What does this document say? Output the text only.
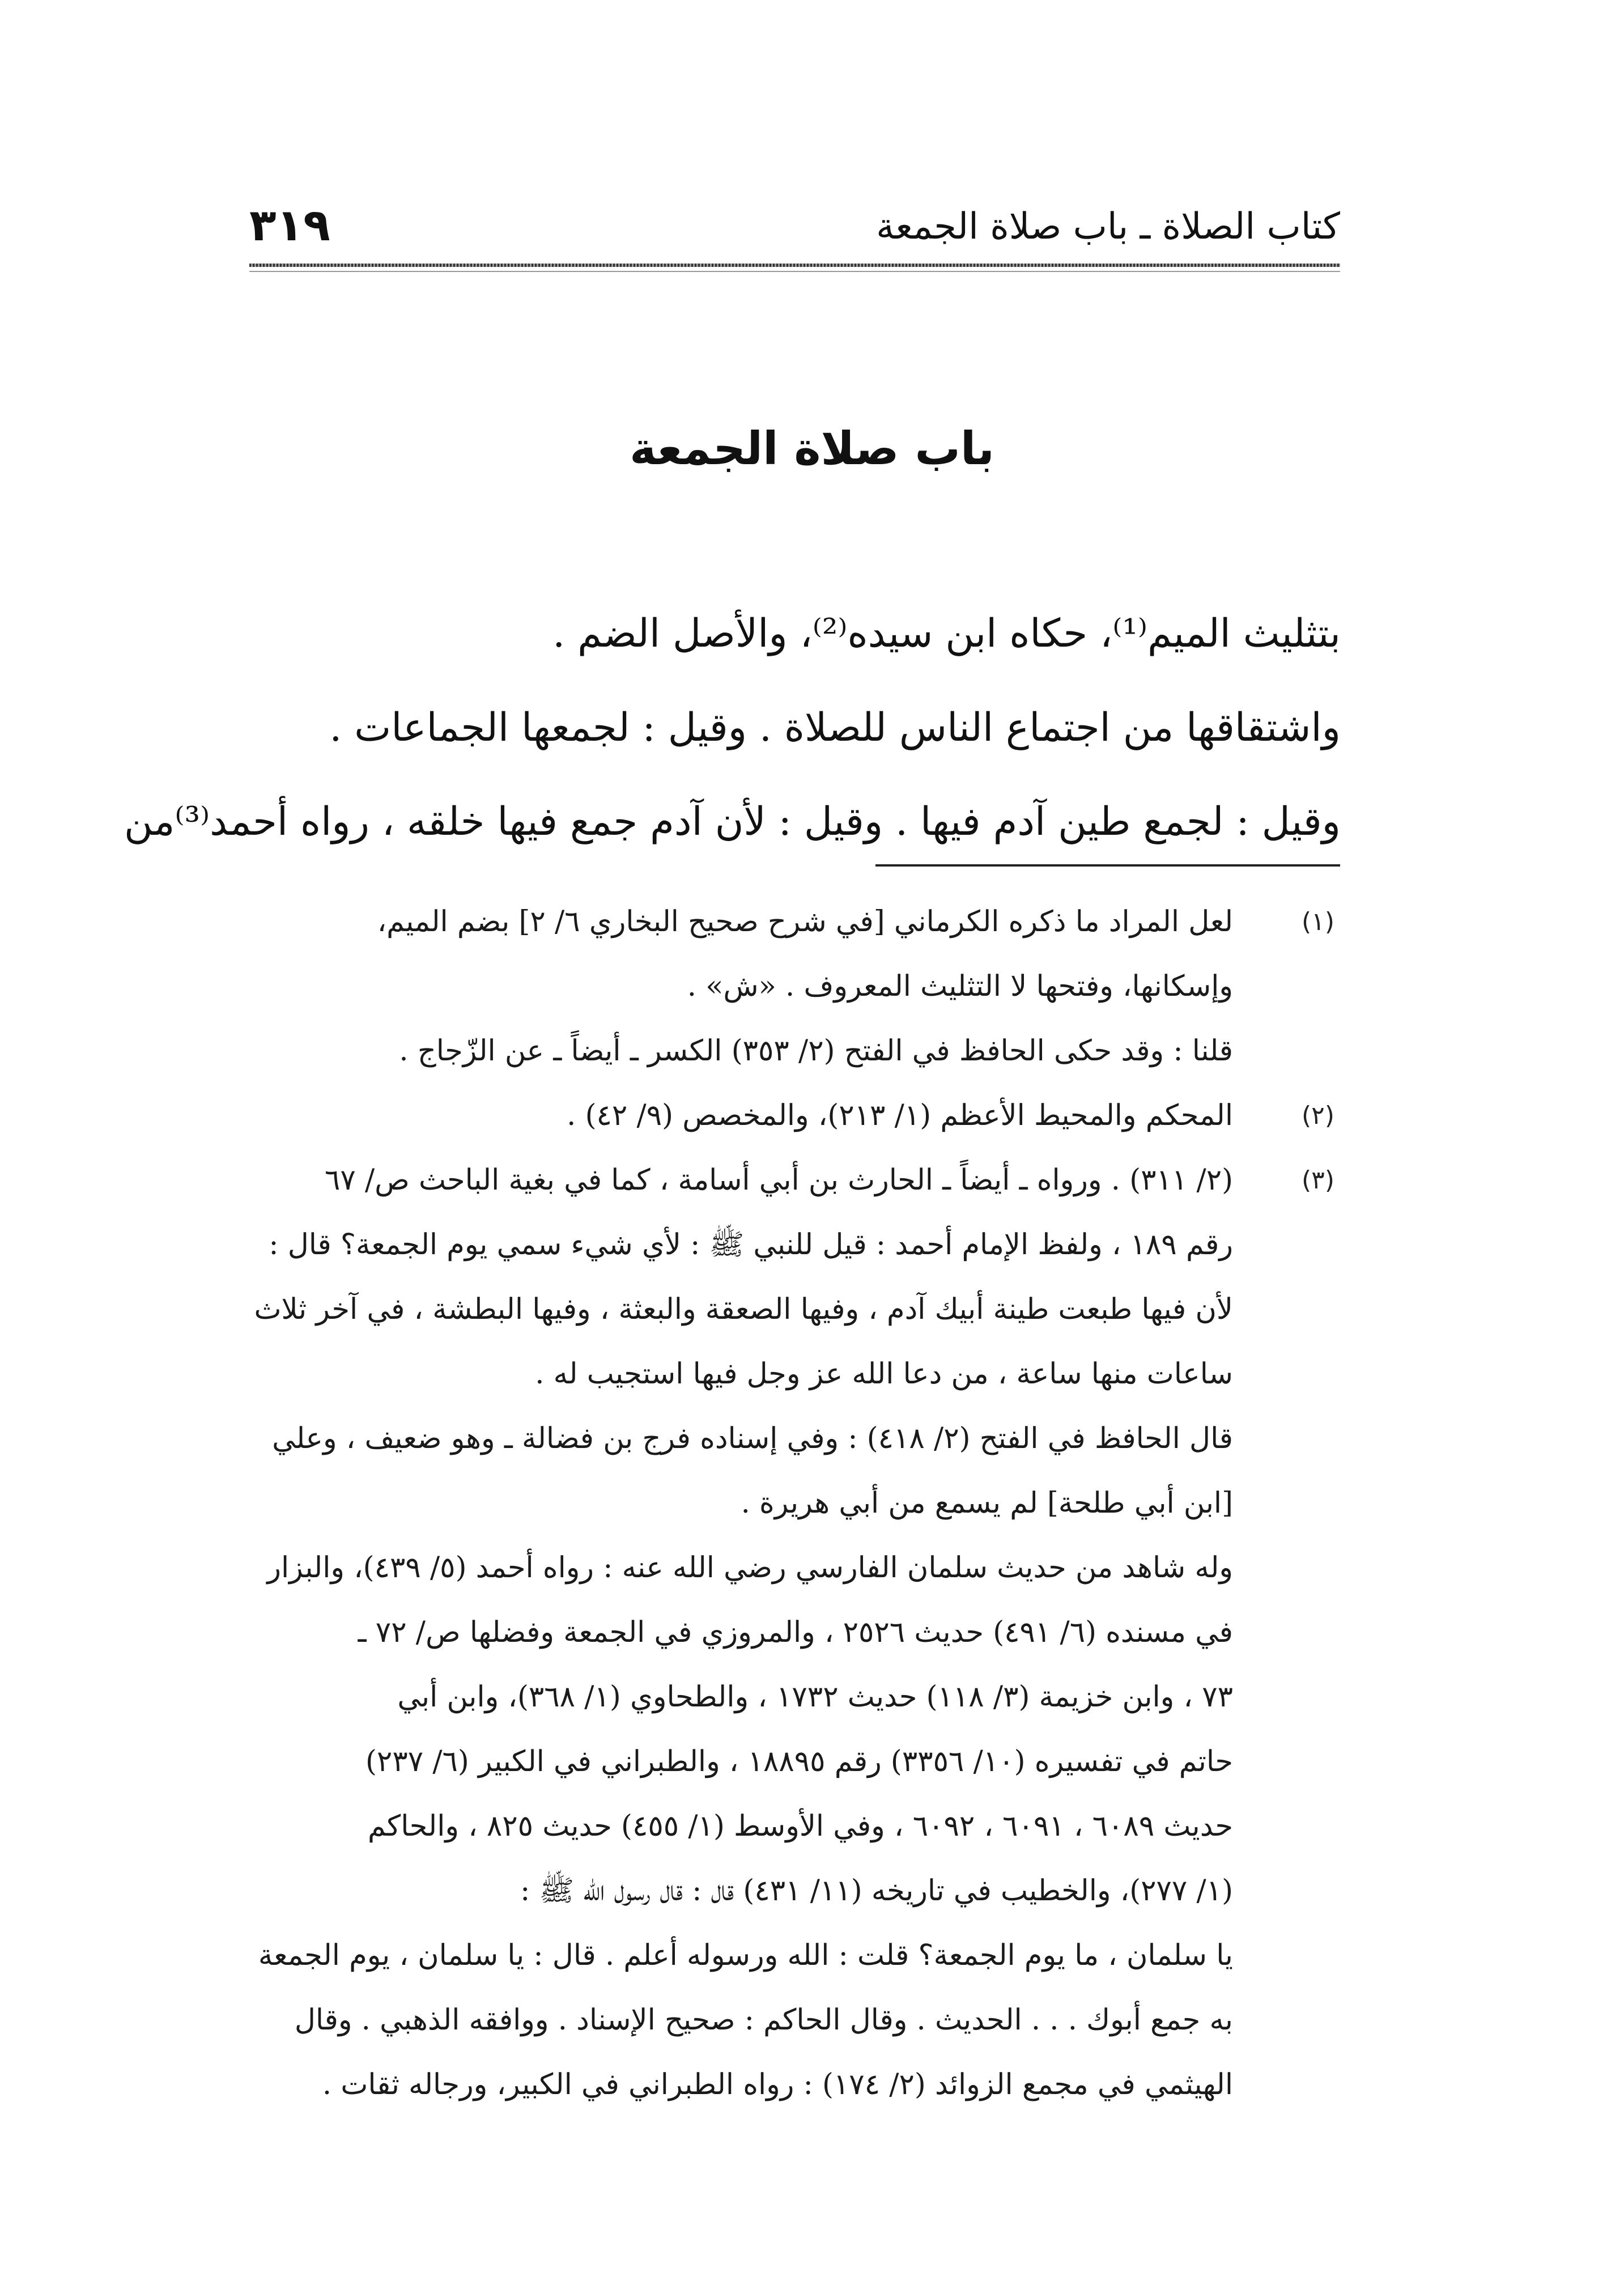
كتاب الصلاة ـ باب صلاة الجمعة
٣١٩
باب صلاة الجمعة
بتثليث الميم⁽¹⁾، حكاه ابن سيده⁽²⁾، والأصل الضم .
واشتقاقها من اجتماع الناس للصلاة . وقيل : لجمعها الجماعات .
وقيل : لجمع طين آدم فيها . وقيل : لأن آدم جمع فيها خلقه ، رواه أحمد⁽³⁾من
(١)
لعل المراد ما ذكره الكرماني [في شرح صحيح البخاري ٦/ ٢] بضم الميم،
وإسكانها، وفتحها لا التثليث المعروف . «ش» .
قلنا : وقد حكى الحافظ في الفتح (٢/ ٣٥٣) الكسر ـ أيضاً ـ عن الزّجاج .
(٢)
المحكم والمحيط الأعظم (١/ ٢١٣)، والمخصص (٩/ ٤٢) .
(٣)
(٢/ ٣١١) . ورواه ـ أيضاً ـ الحارث بن أبي أسامة ، كما في بغية الباحث ص/ ٦٧
رقم ١٨٩ ، ولفظ الإمام أحمد : قيل للنبي ﷺ : لأي شيء سمي يوم الجمعة؟ قال :
لأن فيها طبعت طينة أبيك آدم ، وفيها الصعقة والبعثة ، وفيها البطشة ، في آخر ثلاث
ساعات منها ساعة ، من دعا الله عز وجل فيها استجيب له .
قال الحافظ في الفتح (٢/ ٤١٨) : وفي إسناده فرج بن فضالة ـ وهو ضعيف ، وعلي
[ابن أبي طلحة] لم يسمع من أبي هريرة .
وله شاهد من حديث سلمان الفارسي رضي الله عنه : رواه أحمد (٥/ ٤٣٩)، والبزار
في مسنده (٦/ ٤٩١) حديث ٢٥٢٦ ، والمروزي في الجمعة وفضلها ص/ ٧٢ ـ
٧٣ ، وابن خزيمة (٣/ ١١٨) حديث ١٧٣٢ ، والطحاوي (١/ ٣٦٨)، وابن أبي
حاتم في تفسيره (١٠/ ٣٣٥٦) رقم ١٨٨٩٥ ، والطبراني في الكبير (٦/ ٢٣٧)
حديث ٦٠٨٩ ، ٦٠٩١ ، ٦٠٩٢ ، وفي الأوسط (١/ ٤٥٥) حديث ٨٢٥ ، والحاكم
(١/ ٢٧٧)، والخطيب في تاريخه (١١/ ٤٣١) قال : قال رسول الله ﷺ :
يا سلمان ، ما يوم الجمعة؟ قلت : الله ورسوله أعلم . قال : يا سلمان ، يوم الجمعة
به جمع أبوك . . . الحديث . وقال الحاكم : صحيح الإسناد . ووافقه الذهبي . وقال
الهيثمي في مجمع الزوائد (٢/ ١٧٤) : رواه الطبراني في الكبير، ورجاله ثقات .
